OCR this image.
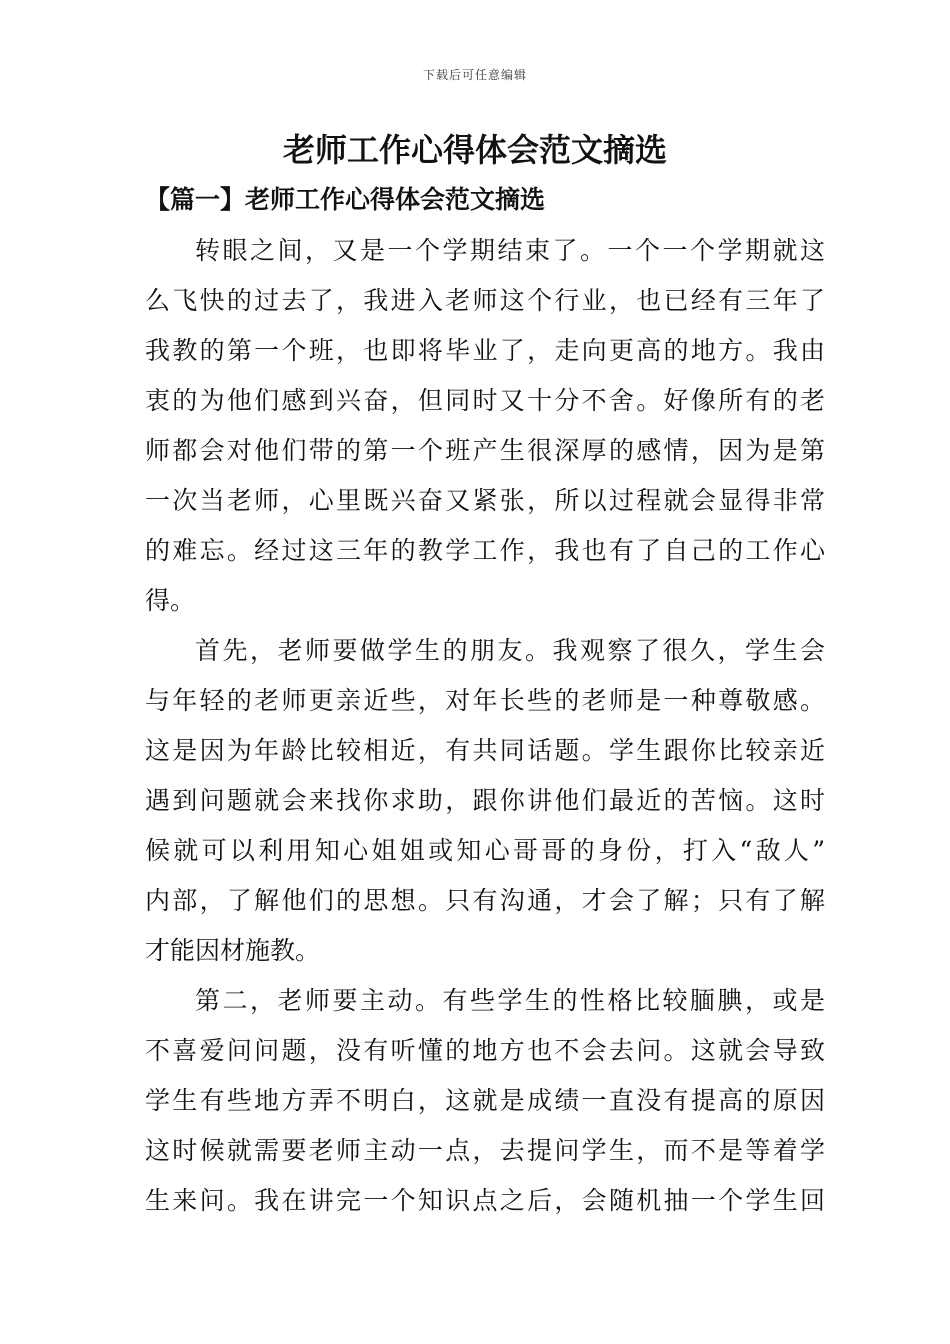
下载后可任意编辑
老师工作心得体会范文摘选
【篇一】老师工作心得体会范文摘选
转眼之间，又是一个学期结束了。一个一个学期就这
么飞快的过去了，我进入老师这个行业，也已经有三年了
我教的第一个班，也即将毕业了，走向更高的地方。我由
衷的为他们感到兴奋，但同时又十分不舍。好像所有的老
师都会对他们带的第一个班产生很深厚的感情，因为是第
一次当老师，心里既兴奋又紧张，所以过程就会显得非常
的难忘。经过这三年的教学工作，我也有了自己的工作心
得。
首先，老师要做学生的朋友。我观察了很久，学生会
与年轻的老师更亲近些，对年长些的老师是一种尊敬感。
这是因为年龄比较相近，有共同话题。学生跟你比较亲近
遇到问题就会来找你求助，跟你讲他们最近的苦恼。这时
候就可以利用知心姐姐或知心哥哥的身份，打入“敌人”
内部，了解他们的思想。只有沟通，才会了解；只有了解
才能因材施教。
第二，老师要主动。有些学生的性格比较腼腆，或是
不喜爱问问题，没有听懂的地方也不会去问。这就会导致
学生有些地方弄不明白，这就是成绩一直没有提高的原因
这时候就需要老师主动一点，去提问学生，而不是等着学
生来问。我在讲完一个知识点之后，会随机抽一个学生回
